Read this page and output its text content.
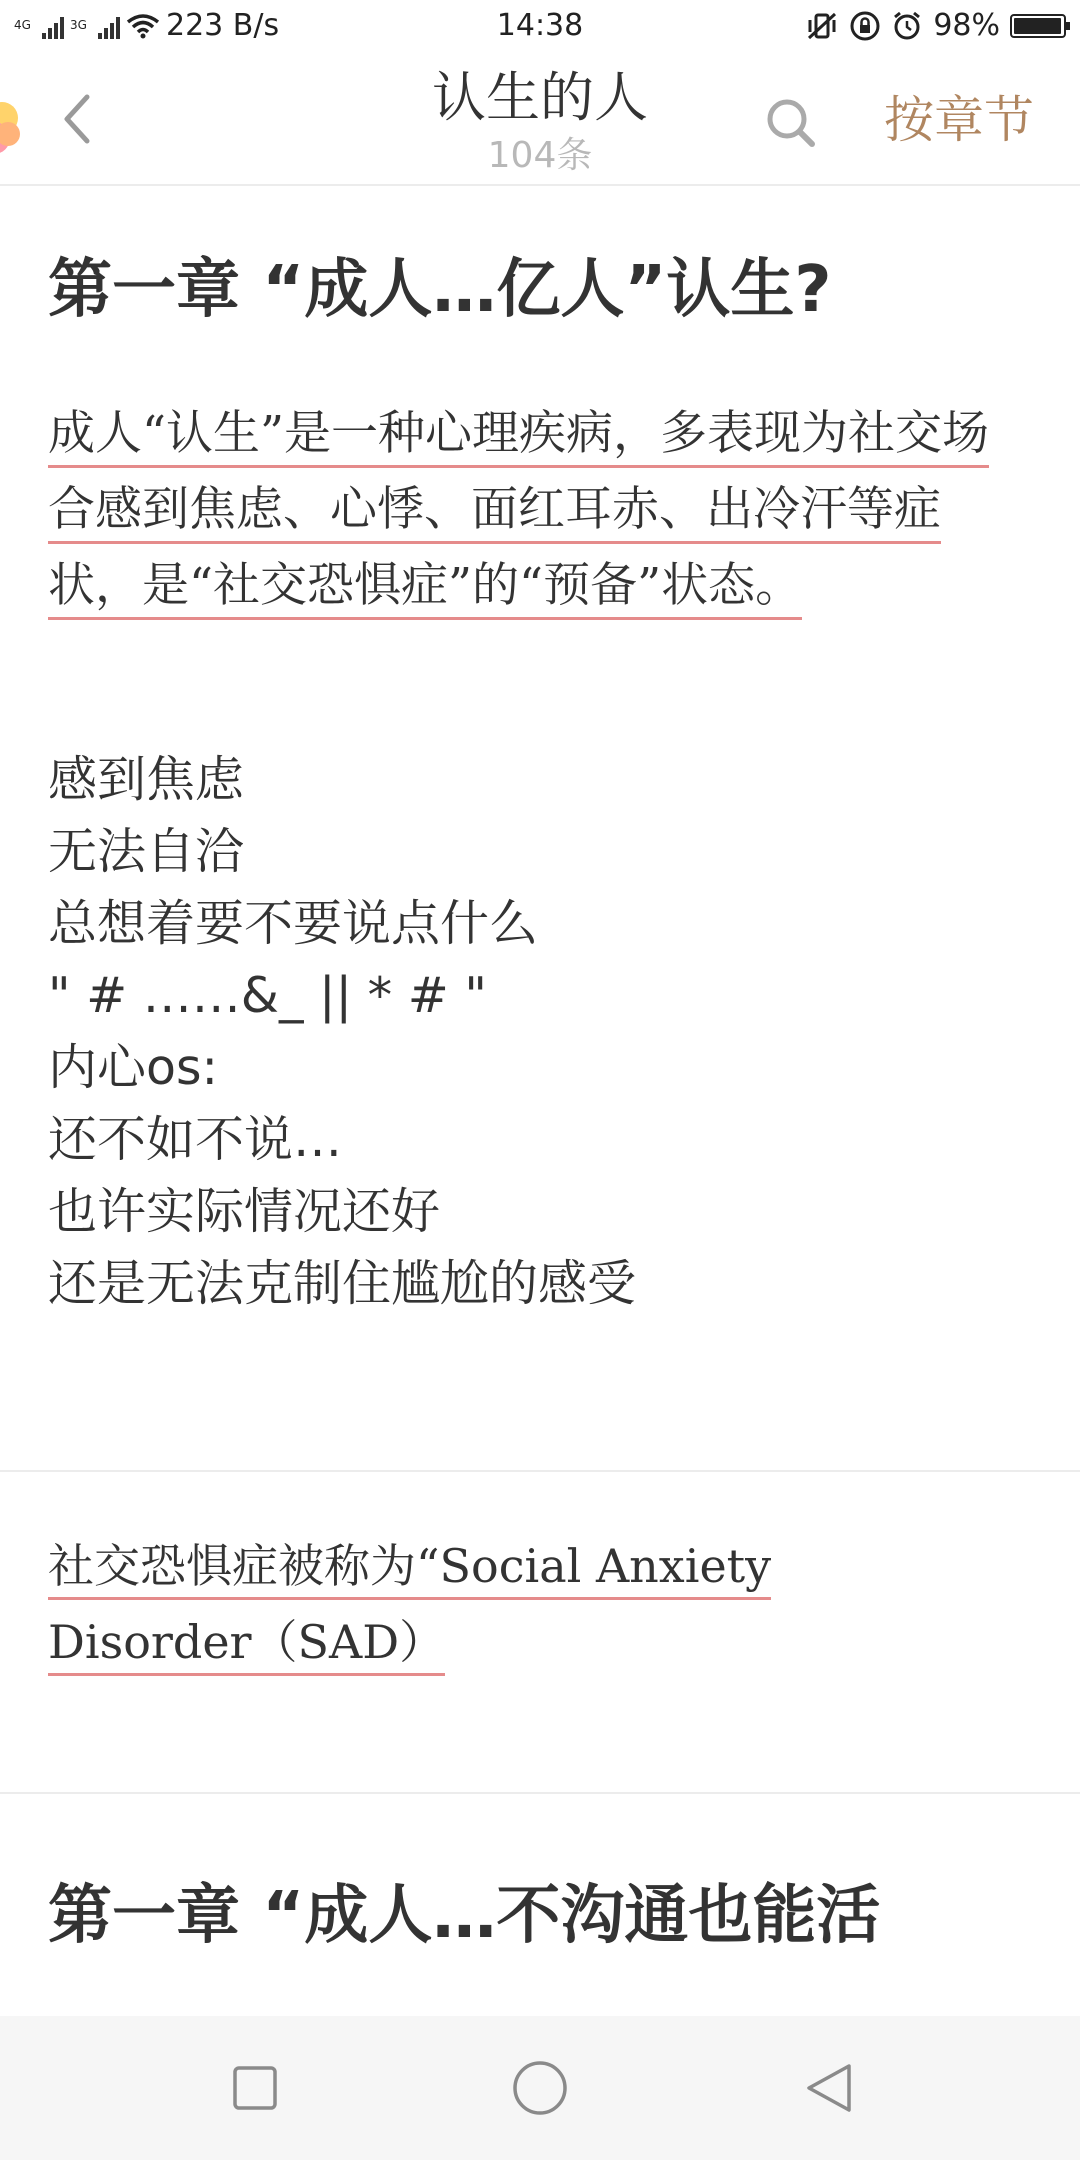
4G	3G	223 B/s	14:38	98%
认生的人
104条
按章节
第一章 “成人…亿人”认生?
成人“认生”是一种心理疾病，多表现为社交场合感到焦虑、心悸、面红耳赤、出冷汗等症状，是“社交恐惧症”的“预备”状态。
感到焦虑
无法自洽
总想着要不要说点什么
" # ……&_ || * # "
内心os:
还不如不说…
也许实际情况还好
还是无法克制住尴尬的感受
社交恐惧症被称为“Social Anxiety Disorder（SAD）
第一章 “成人…不沟通也能活
